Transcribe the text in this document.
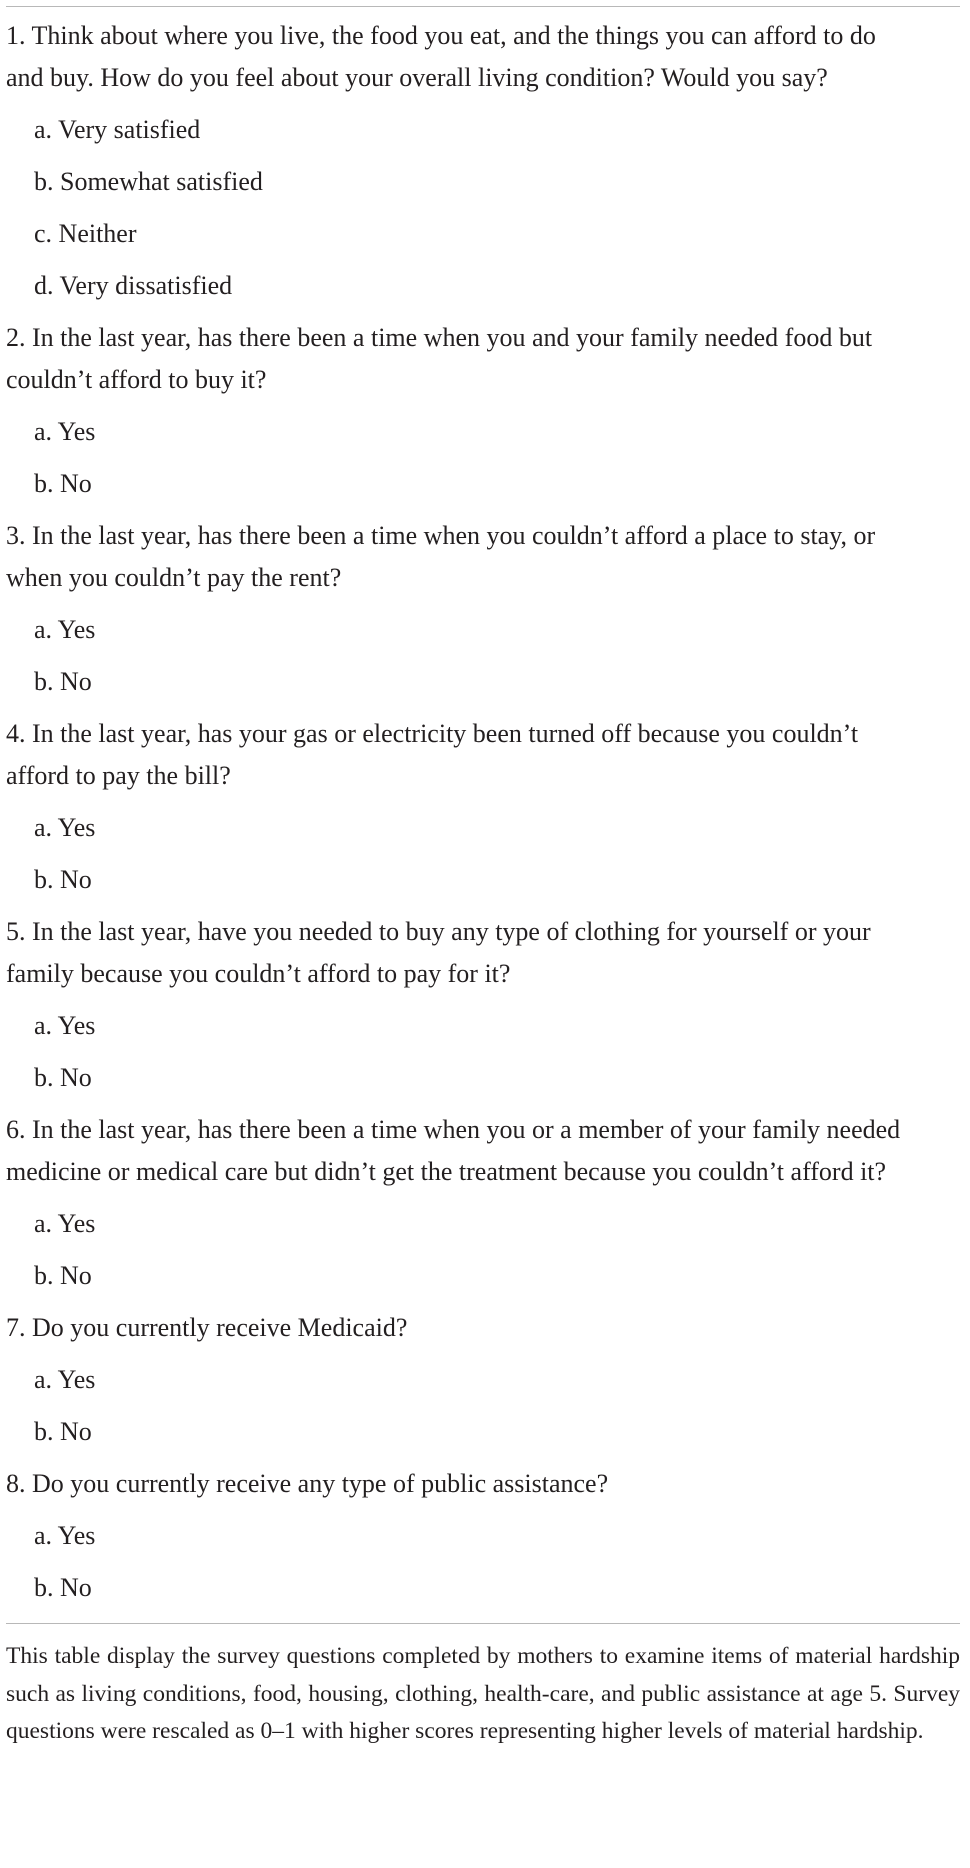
1. Think about where you live, the food you eat, and the things you can afford to do and buy. How do you feel about your overall living condition? Would you say?
a. Very satisfied
b. Somewhat satisfied
c. Neither
d. Very dissatisfied
2. In the last year, has there been a time when you and your family needed food but couldn’t afford to buy it?
a. Yes
b. No
3. In the last year, has there been a time when you couldn’t afford a place to stay, or when you couldn’t pay the rent?
a. Yes
b. No
4. In the last year, has your gas or electricity been turned off because you couldn’t afford to pay the bill?
a. Yes
b. No
5. In the last year, have you needed to buy any type of clothing for yourself or your family because you couldn’t afford to pay for it?
a. Yes
b. No
6. In the last year, has there been a time when you or a member of your family needed medicine or medical care but didn’t get the treatment because you couldn’t afford it?
a. Yes
b. No
7. Do you currently receive Medicaid?
a. Yes
b. No
8. Do you currently receive any type of public assistance?
a. Yes
b. No
This table display the survey questions completed by mothers to examine items of material hardship such as living conditions, food, housing, clothing, health-care, and public assistance at age 5. Survey questions were rescaled as 0–1 with higher scores representing higher levels of material hardship.
